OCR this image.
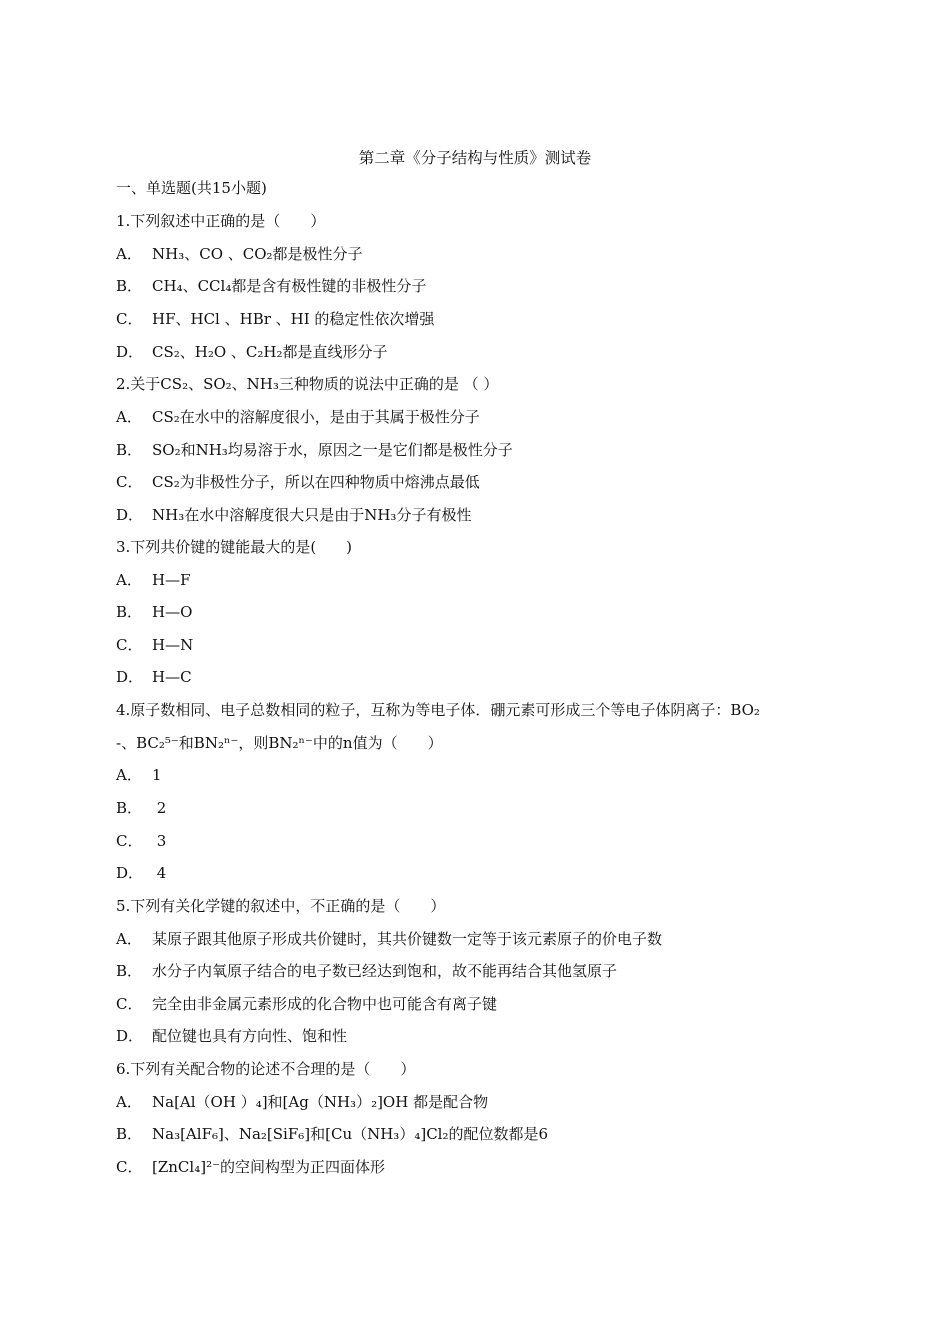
第二章《分子结构与性质》测试卷
一、单选题(共15小题)
1.下列叙述中正确的是（　　）
A． NH₃、CO 、CO₂都是极性分子
B． CH₄、CCl₄都是含有极性键的非极性分子
C． HF、HCl 、HBr 、HI 的稳定性依次增强
D． CS₂、H₂O 、C₂H₂都是直线形分子
2.关于CS₂、SO₂、NH₃三种物质的说法中正确的是 （ ）
A． CS₂在水中的溶解度很小，是由于其属于极性分子
B． SO₂和NH₃均易溶于水，原因之一是它们都是极性分子
C． CS₂为非极性分子，所以在四种物质中熔沸点最低
D． NH₃在水中溶解度很大只是由于NH₃分子有极性
3.下列共价键的键能最大的是(　　)
A． H—F
B． H—O
C． H—N
D． H—C
4.原子数相同、电子总数相同的粒子，互称为等电子体．硼元素可形成三个等电子体阴离子：BO₂
-、BC₂⁵⁻和BN₂ⁿ⁻，则BN₂ⁿ⁻中的n值为（　　）
A． 1
B． 2
C． 3
D． 4
5.下列有关化学键的叙述中，不正确的是（　　）
A． 某原子跟其他原子形成共价键时，其共价键数一定等于该元素原子的价电子数
B． 水分子内氧原子结合的电子数已经达到饱和，故不能再结合其他氢原子
C． 完全由非金属元素形成的化合物中也可能含有离子键
D． 配位键也具有方向性、饱和性
6.下列有关配合物的论述不合理的是（　　）
A． Na[Al（OH ）₄]和[Ag（NH₃）₂]OH 都是配合物
B． Na₃[AlF₆]、Na₂[SiF₆]和[Cu（NH₃）₄]Cl₂的配位数都是6
C． [ZnCl₄]²⁻的空间构型为正四面体形
